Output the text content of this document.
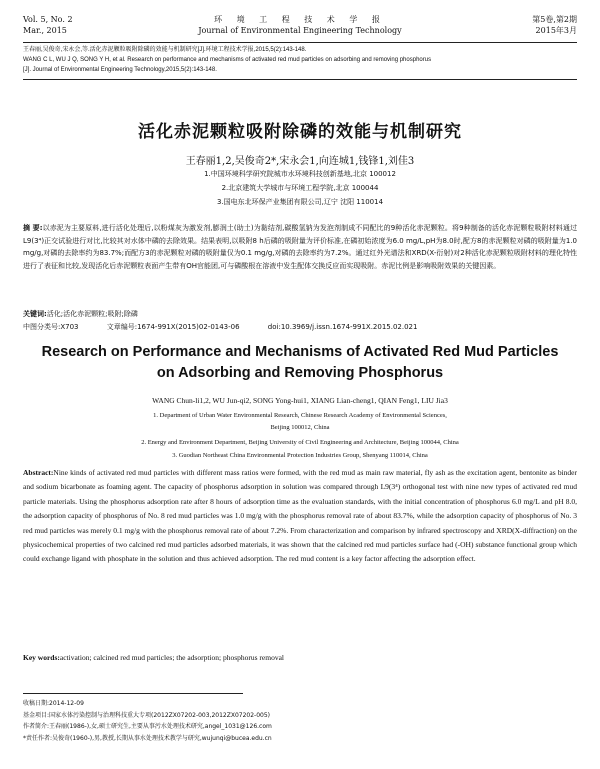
Vol. 5, No. 2
Mar., 2015
环 境 工 程 技 术 学 报
Journal of Environmental Engineering Technology
第5卷,第2期
2015年3月
王春丽,吴俊奇,宋永会,等.活化赤泥颗粒吸附除磷的效能与机制研究[J].环境工程技术学报,2015,5(2):143-148.
WANG C L, WU J Q, SONG Y H, et al. Research on performance and mechanisms of activated red mud particles on adsorbing and removing phosphorus
[J]. Journal of Environmental Engineering Technology,2015,5(2):143-148.
活化赤泥颗粒吸附除磷的效能与机制研究
王春丽1,2,吴俊奇2*,宋永会1,向连城1,钱锋1,刘佳3
1.中国环境科学研究院城市水环境科技创新基地,北京 100012
2.北京建筑大学城市与环境工程学院,北京 100044
3.国电东北环保产业集团有限公司,辽宁 沈阳 110014
摘 要:以赤泥为主要原料,进行活化处理后,以粉煤灰为激发剂,膨润土(助土)为黏结剂,碳酸氢钠为发泡剂制成不同配比的9种活化赤泥颗粒。将9种制备的活化赤泥颗粒吸附材料通过L9(3⁴)正交试验进行对比,比较其对水体中磷的去除效果。结果表明,以吸附8 h后磷的吸附量为评价标准,在磷初始浓度为6.0 mg/L,pH为8.0时,配方8的赤泥颗粒对磷的吸附量为1.0 mg/g,对磷的去除率约为83.7%;而配方3的赤泥颗粒对磷的吸附量仅为0.1 mg/g,对磷的去除率约为7.2%。通过红外光谱法和XRD(X-衍射)对2种活化赤泥颗粒吸附材料的理化特性进行了表征和比较,发现活化后赤泥颗粒表面产生带有OH官能团,可与磷酸根在溶液中发生配体交换反应而实现吸附。赤泥比例是影响吸附效果的关键因素。
关键词:活化;活化赤泥颗粒;吸附;除磷
中图分类号:X703	文章编号:1674-991X(2015)02-0143-06	doi:10.3969/j.issn.1674-991X.2015.02.021
Research on Performance and Mechanisms of Activated Red Mud Particles
on Adsorbing and Removing Phosphorus
WANG Chun-li1,2, WU Jun-qi2, SONG Yong-hui1, XIANG Lian-cheng1, QIAN Feng1, LIU Jia3
1. Department of Urban Water Environmental Research, Chinese Research Academy of Environmental Sciences,
Beijing 100012, China
2. Energy and Environment Department, Beijing University of Civil Engineering and Architecture, Beijing 100044, China
3. Guodian Northeast China Environmental Protection Industries Group, Shenyang 110014, China
Abstract:Nine kinds of activated red mud particles with different mass ratios were formed, with the red mud as main raw material, fly ash as the excitation agent, bentonite as binder and sodium bicarbonate as foaming agent. The capacity of phosphorus adsorption in solution was compared through L9(3⁴) orthogonal test with nine new types of activated red mud particle materials. Using the phosphorus adsorption rate after 8 hours of adsorption time as the evaluation standards, with the initial concentration of phosphorus 6.0 mg/L and pH 8.0, the adsorption capacity of phosphorus of No. 8 red mud particles was 1.0 mg/g with the phosphorus removal rate of about 83.7%, while the adsorption capacity of phosphorus of No. 3 red mud particles was merely 0.1 mg/g with the phosphorus removal rate of about 7.2%. From characterization and comparison by infrared spectroscopy and XRD(X-diffraction) on the physicochemical properties of two calcined red mud particles adsorbed materials, it was shown that the calcined red mud particles surface had (-OH) substance functional group which could exchange ligand with phosphate in the solution and thus achieved adsorption. The red mud content is a key factor affecting the adsorption effect.
Key words:activation; calcined red mud particles; the adsorption; phosphorus removal
收稿日期:2014-12-09
基金项目:国家水体污染控制与治理科技重大专项(2012ZX07202-003,2012ZX07202-005)
作者简介:王春丽(1986-),女,硕士研究生,主要从事污水处理技术研究,angel_1031@126.com
*责任作者:吴俊奇(1960-),男,教授,长期从事水处理技术教学与研究,wujunqi@bucea.edu.cn
